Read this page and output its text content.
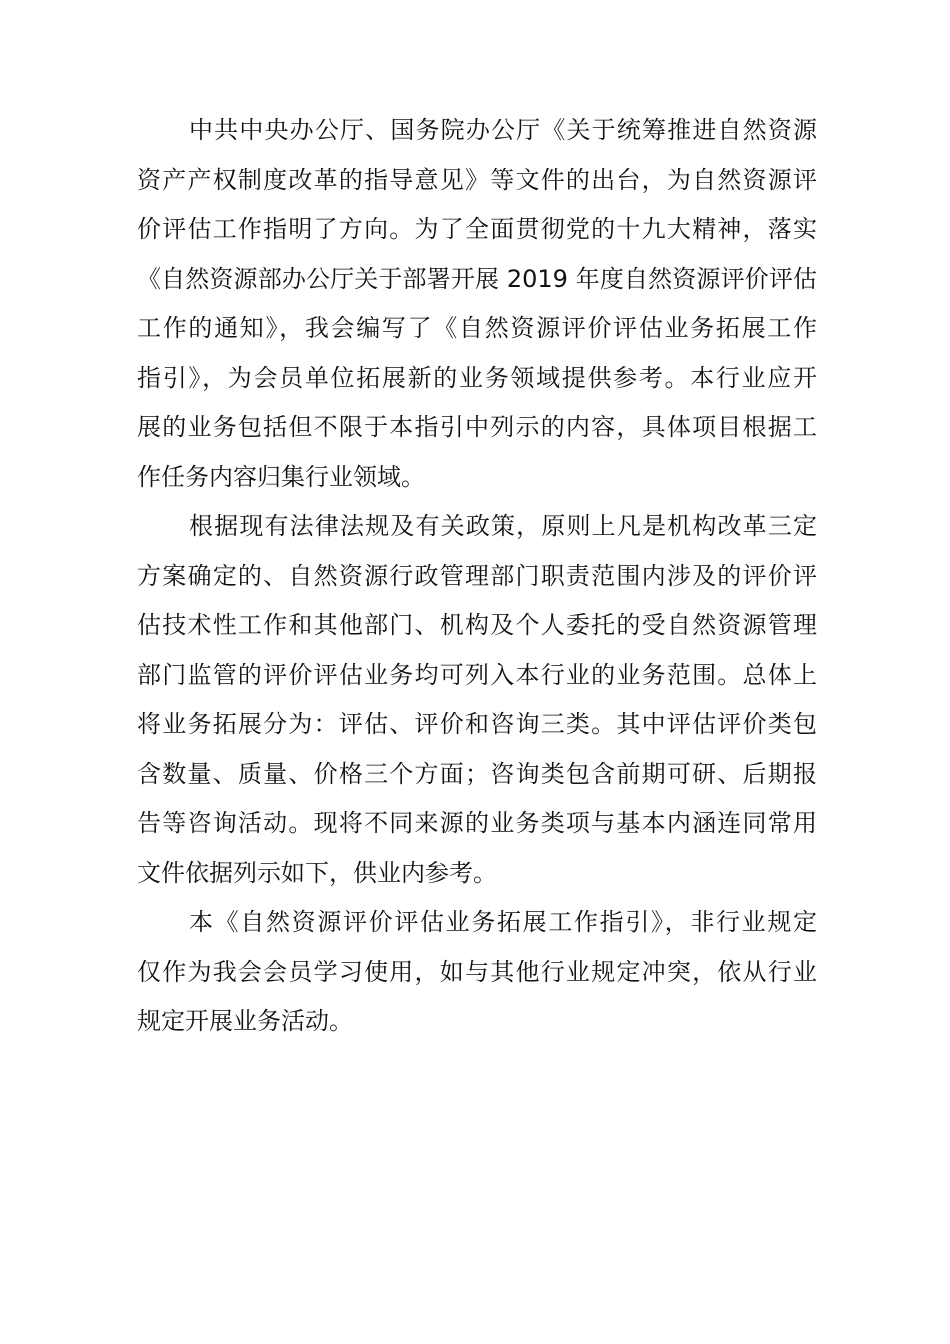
中共中央办公厅、国务院办公厅《关于统筹推进自然资源
资产产权制度改革的指导意见》等文件的出台，为自然资源评
价评估工作指明了方向。为了全面贯彻党的十九大精神，落实
《自然资源部办公厅关于部署开展 2019 年度自然资源评价评估
工作的通知》，我会编写了《自然资源评价评估业务拓展工作
指引》，为会员单位拓展新的业务领域提供参考。本行业应开
展的业务包括但不限于本指引中列示的内容，具体项目根据工
作任务内容归集行业领域。
根据现有法律法规及有关政策，原则上凡是机构改革三定
方案确定的、自然资源行政管理部门职责范围内涉及的评价评
估技术性工作和其他部门、机构及个人委托的受自然资源管理
部门监管的评价评估业务均可列入本行业的业务范围。总体上
将业务拓展分为：评估、评价和咨询三类。其中评估评价类包
含数量、质量、价格三个方面；咨询类包含前期可研、后期报
告等咨询活动。现将不同来源的业务类项与基本内涵连同常用
文件依据列示如下，供业内参考。
本《自然资源评价评估业务拓展工作指引》，非行业规定
仅作为我会会员学习使用，如与其他行业规定冲突，依从行业
规定开展业务活动。
